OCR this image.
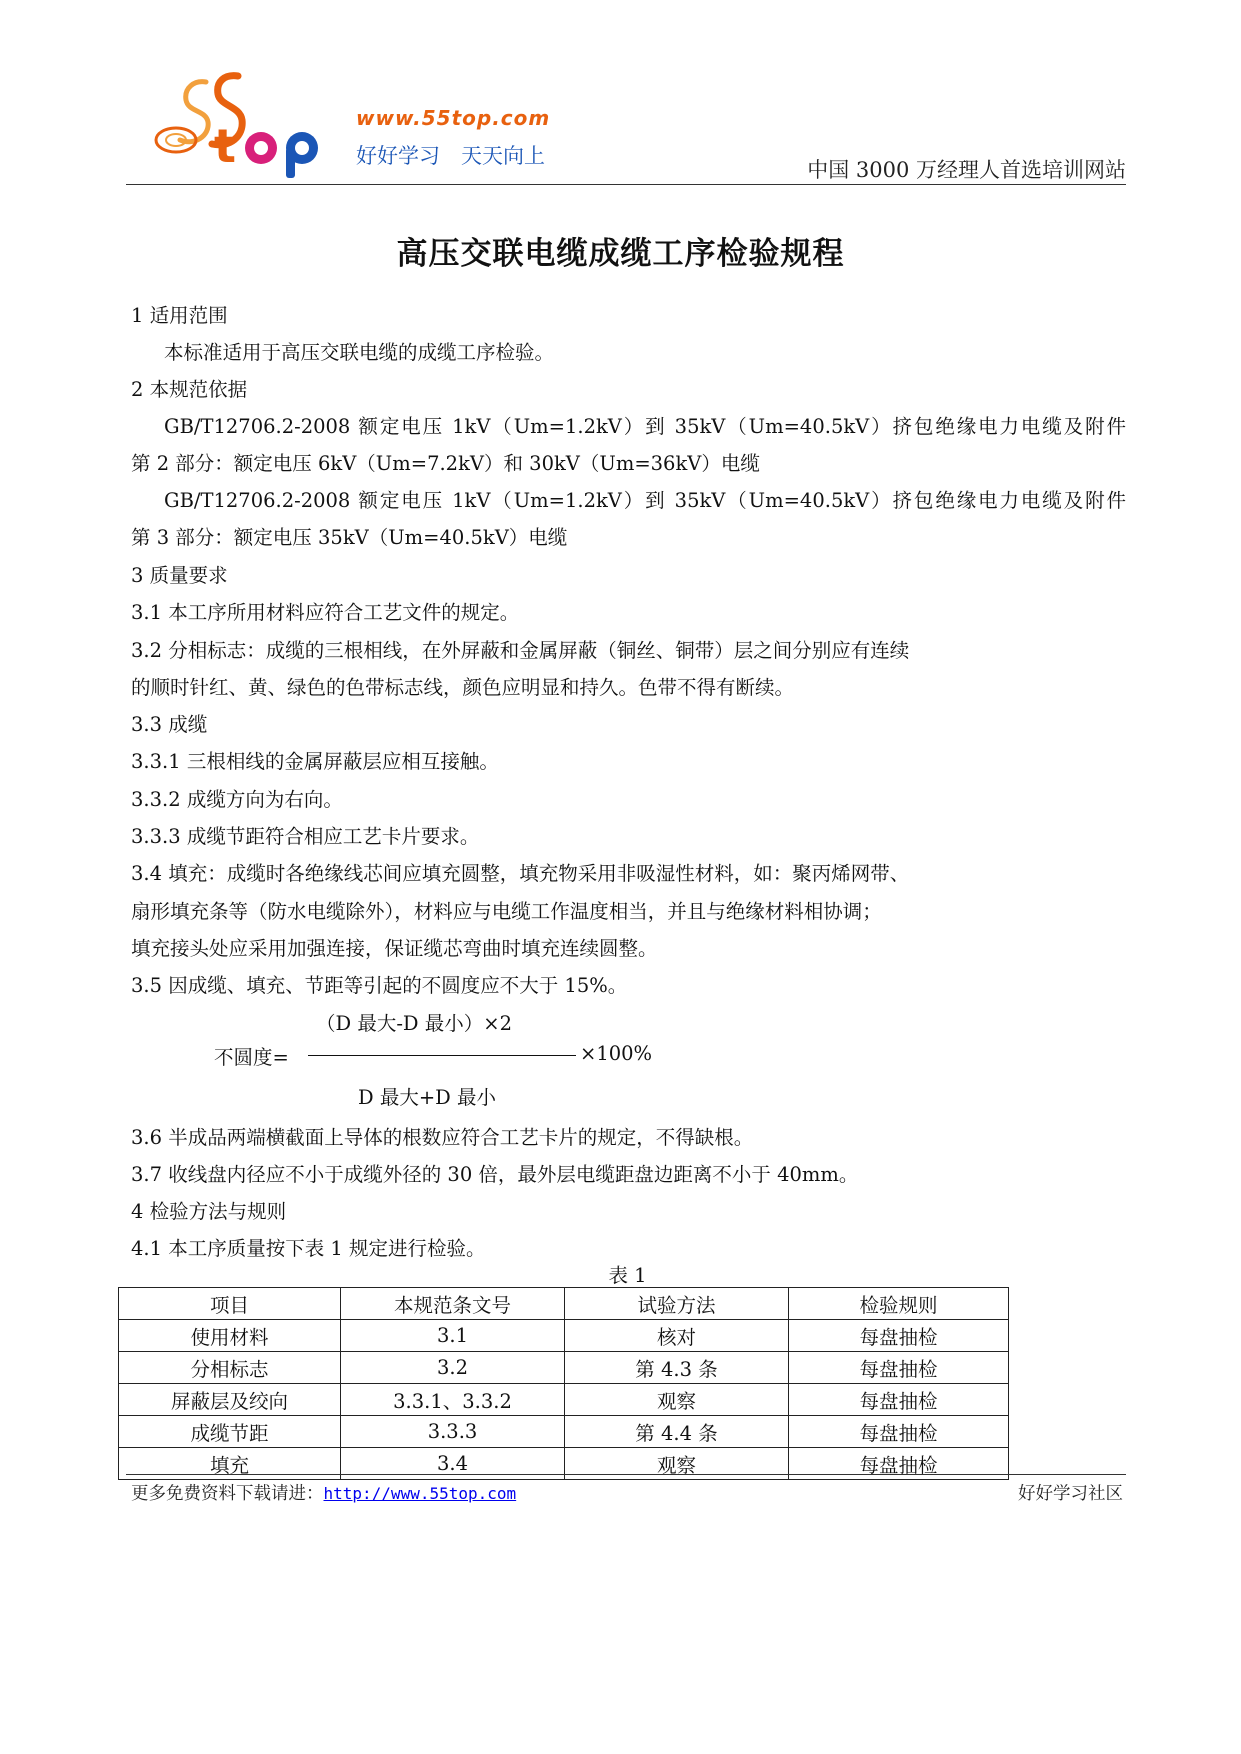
t
www.55top.com
好好学习　天天向上
中国 3000 万经理人首选培训网站
高压交联电缆成缆工序检验规程
1 适用范围
本标准适用于高压交联电缆的成缆工序检验。
2 本规范依据
GB/T12706.2-2008 额定电压 1kV（Um=1.2kV）到 35kV（Um=40.5kV）挤包绝缘电力电缆及附件
第 2 部分：额定电压 6kV（Um=7.2kV）和 30kV（Um=36kV）电缆
GB/T12706.2-2008 额定电压 1kV（Um=1.2kV）到 35kV（Um=40.5kV）挤包绝缘电力电缆及附件
第 3 部分：额定电压 35kV（Um=40.5kV）电缆
3 质量要求
3.1 本工序所用材料应符合工艺文件的规定。
3.2 分相标志：成缆的三根相线，在外屏蔽和金属屏蔽（铜丝、铜带）层之间分别应有连续
的顺时针红、黄、绿色的色带标志线，颜色应明显和持久。色带不得有断续。
3.3 成缆
3.3.1 三根相线的金属屏蔽层应相互接触。
3.3.2 成缆方向为右向。
3.3.3 成缆节距符合相应工艺卡片要求。
3.4 填充：成缆时各绝缘线芯间应填充圆整，填充物采用非吸湿性材料，如：聚丙烯网带、
扇形填充条等（防水电缆除外），材料应与电缆工作温度相当，并且与绝缘材料相协调；
填充接头处应采用加强连接，保证缆芯弯曲时填充连续圆整。
3.5 因成缆、填充、节距等引起的不圆度应不大于 15%。
（D 最大-D 最小）×2
不圆度=	×100%
D 最大+D 最小
3.6 半成品两端横截面上导体的根数应符合工艺卡片的规定，不得缺根。
3.7 收线盘内径应不小于成缆外径的 30 倍，最外层电缆距盘边距离不小于 40mm。
4 检验方法与规则
4.1 本工序质量按下表 1 规定进行检验。
表 1
项目	本规范条文号	试验方法	检验规则
使用材料	3.1	核对	每盘抽检
分相标志	3.2	第 4.3 条	每盘抽检
屏蔽层及绞向	3.3.1、3.3.2	观察	每盘抽检
成缆节距	3.3.3	第 4.4 条	每盘抽检
填充	3.4	观察	每盘抽检
更多免费资料下载请进：http://www.55top.com	好好学习社区
